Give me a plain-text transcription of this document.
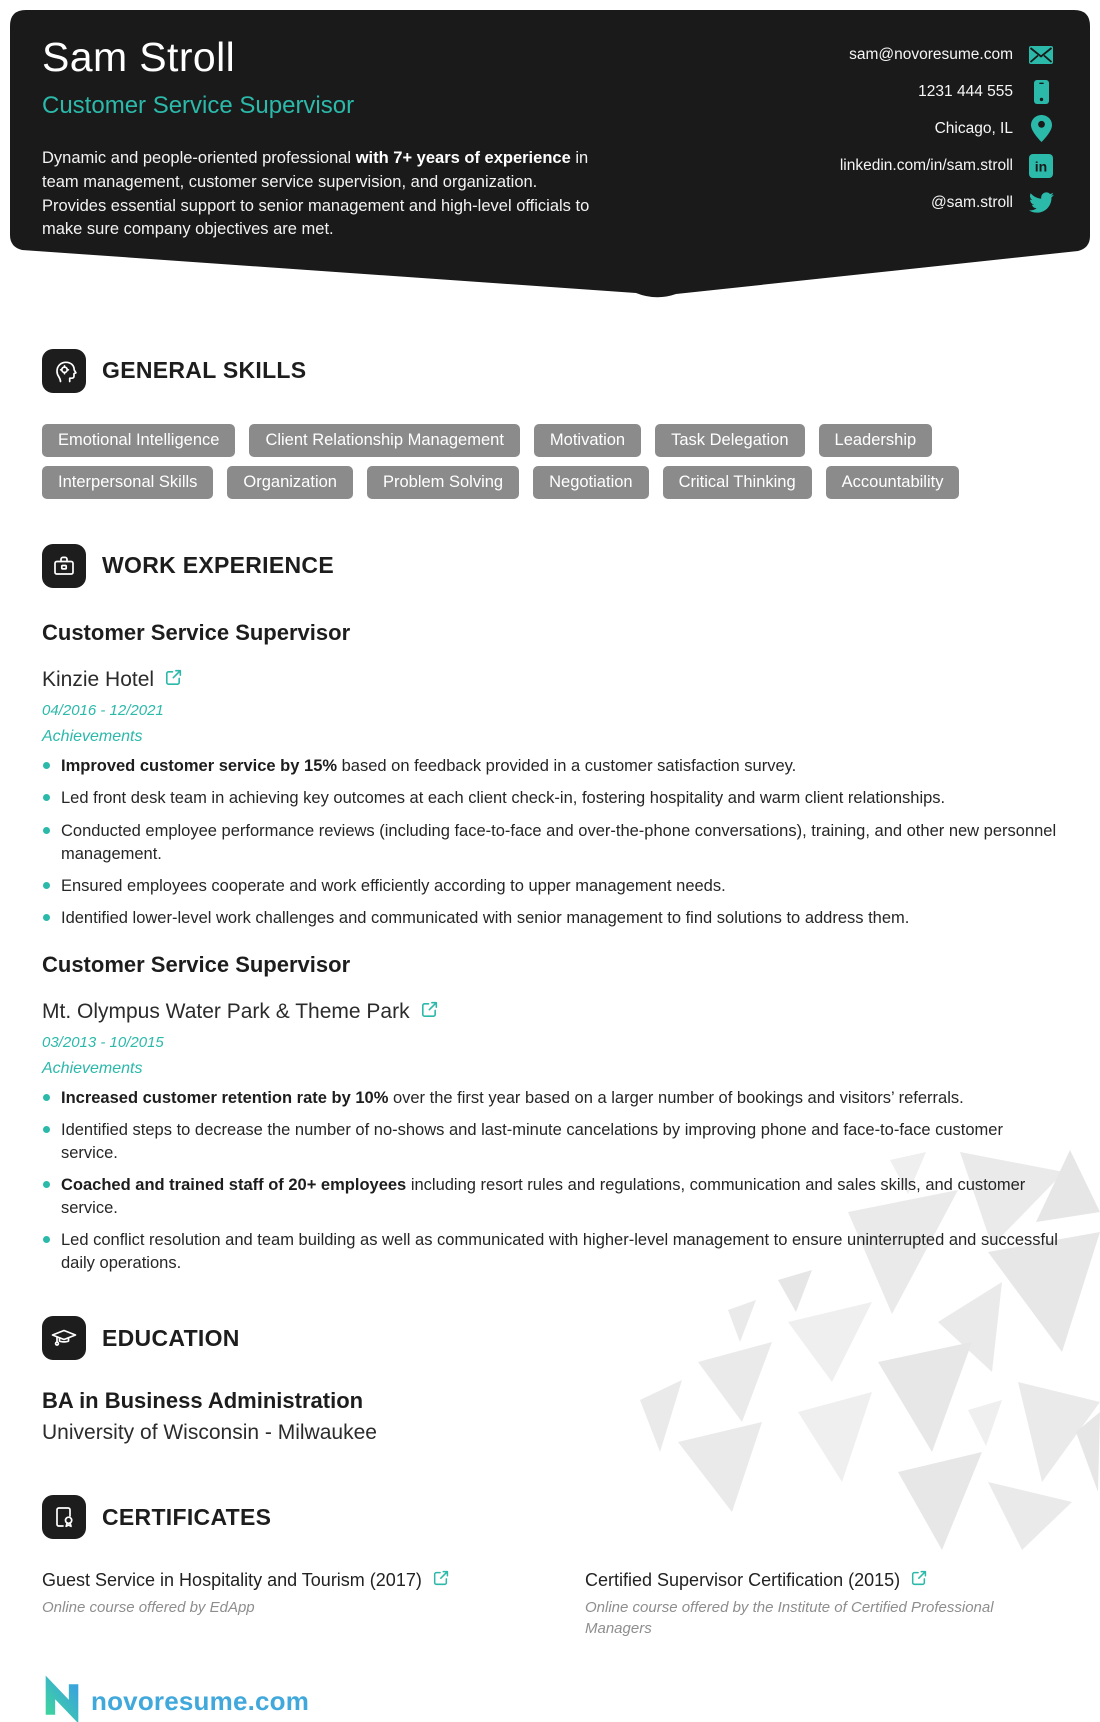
Sam Stroll
Customer Service Supervisor

Dynamic and people-oriented professional with 7+ years of experience in team management, customer service supervision, and organization. Provides essential support to senior management and high-level officials to make sure company objectives are met.

sam@novoresume.com
1231 444 555
Chicago, IL
linkedin.com/in/sam.stroll in
@sam.stroll
GENERAL SKILLS
Emotional Intelligence	Client Relationship Management	Motivation	Task Delegation	Leadership
Interpersonal Skills	Organization	Problem Solving	Negotiation	Critical Thinking	Accountability
WORK EXPERIENCE
Customer Service Supervisor
Kinzie Hotel
04/2016 - 12/2021
Achievements
Improved customer service by 15% based on feedback provided in a customer satisfaction survey.
Led front desk team in achieving key outcomes at each client check-in, fostering hospitality and warm client relationships.
Conducted employee performance reviews (including face-to-face and over-the-phone conversations), training, and other new personnel management.
Ensured employees cooperate and work efficiently according to upper management needs.
Identified lower-level work challenges and communicated with senior management to find solutions to address them.
Customer Service Supervisor
Mt. Olympus Water Park & Theme Park
03/2013 - 10/2015
Achievements
Increased customer retention rate by 10% over the first year based on a larger number of bookings and visitors’ referrals.
Identified steps to decrease the number of no-shows and last-minute cancelations by improving phone and face-to-face customer service.
Coached and trained staff of 20+ employees including resort rules and regulations, communication and sales skills, and customer service.
Led conflict resolution and team building as well as communicated with higher-level management to ensure uninterrupted and successful daily operations.
EDUCATION
BA in Business Administration
University of Wisconsin - Milwaukee
CERTIFICATES
Guest Service in Hospitality and Tourism (2017)
Online course offered by EdApp
Certified Supervisor Certification (2015)
Online course offered by the Institute of Certified Professional Managers
novoresume.com
